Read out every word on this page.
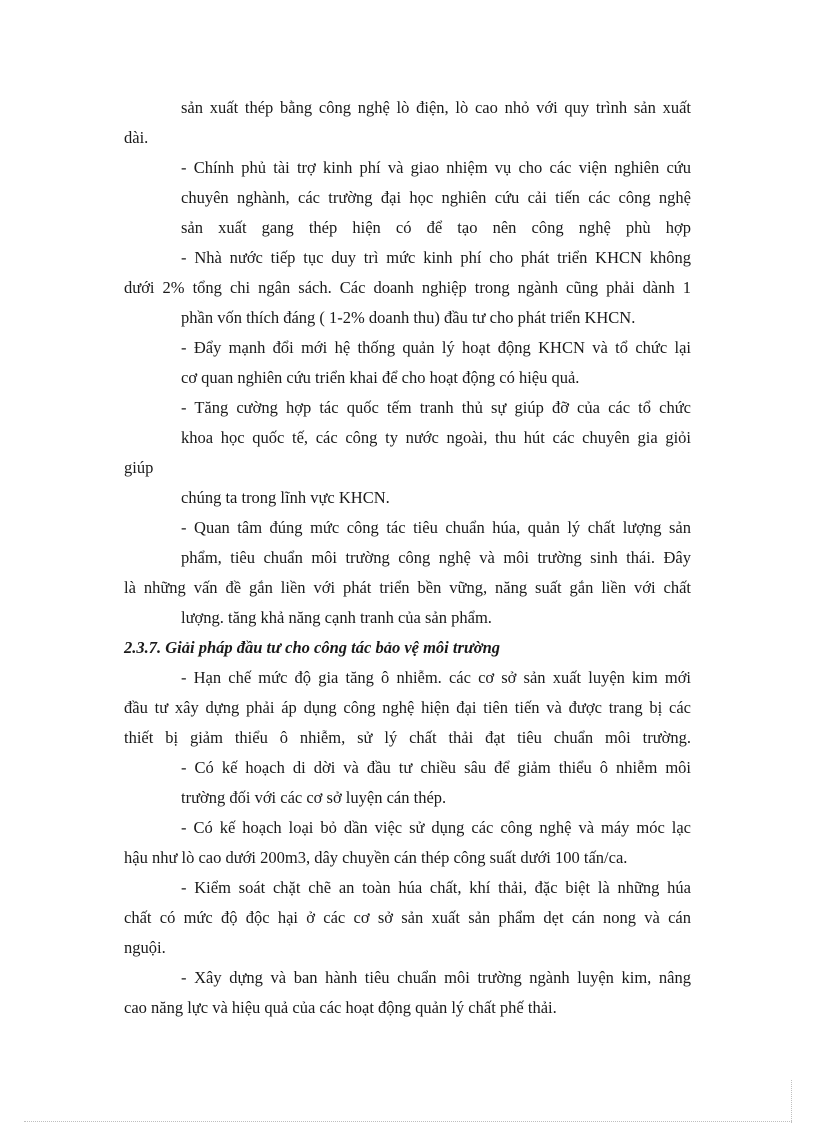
sản xuất thép bằng công nghệ lò điện, lò cao nhỏ với quy trình sản xuất
dài.
- Chính phủ tài trợ kinh phí và giao nhiệm vụ cho các viện nghiên cứu
chuyên nghành, các trường đại học nghiên cứu cải tiến các công nghệ
sản xuất gang thép hiện có để tạo nên công nghệ phù hợp
- Nhà nước tiếp tục duy trì mức kinh phí cho phát triển KHCN không
dưới 2% tổng chi ngân sách. Các doanh nghiệp trong ngành cũng phải dành 1
phần vốn thích đáng ( 1-2% doanh thu) đầu tư cho phát triển KHCN.
- Đẩy mạnh đổi mới hệ thống quản lý hoạt động KHCN và tổ chức lại
cơ quan nghiên cứu triển khai để cho hoạt động có hiệu quả.
- Tăng cường hợp tác quốc tếm tranh thủ sự giúp đỡ của các tổ chức
khoa học quốc tế, các công ty nước ngoài, thu hút các chuyên gia giỏi
giúp
chúng ta trong lĩnh vực KHCN.
- Quan tâm đúng mức công tác tiêu chuẩn húa, quản lý chất lượng sản
phẩm, tiêu chuẩn môi trường công nghệ và môi trường sinh thái. Đây
là những vấn đề gắn liền với phát triển bền vững, năng suất gắn liền với chất
lượng. tăng khả năng cạnh tranh của sản phẩm.
2.3.7. Giải pháp đầu tư cho công tác bảo vệ môi trường
- Hạn chế mức độ gia tăng ô nhiễm. các cơ sở sản xuất luyện kim mới
đầu tư xây dựng phải áp dụng công nghệ hiện đại tiên tiến và được trang bị các
thiết bị giảm thiểu ô nhiễm, sử lý chất thải đạt tiêu chuẩn môi trường.
- Có kế hoạch di dời và đầu tư chiều sâu để giảm thiểu ô nhiễm môi
trường đối với các cơ sở luyện cán thép.
- Có kế hoạch loại bỏ dần việc sử dụng các công nghệ và máy móc lạc
hậu như lò cao dưới 200m3, dây chuyền cán thép công suất dưới 100 tấn/ca.
- Kiểm soát chặt chẽ an toàn húa chất, khí thải, đặc biệt là những húa
chất có mức độ độc hại ở các cơ sở sản xuất sản phẩm dẹt cán nong và cán
nguội.
- Xây dựng và ban hành tiêu chuẩn môi trường ngành luyện kim, nâng
cao năng lực và hiệu quả của các hoạt động quản lý chất phế thải.
